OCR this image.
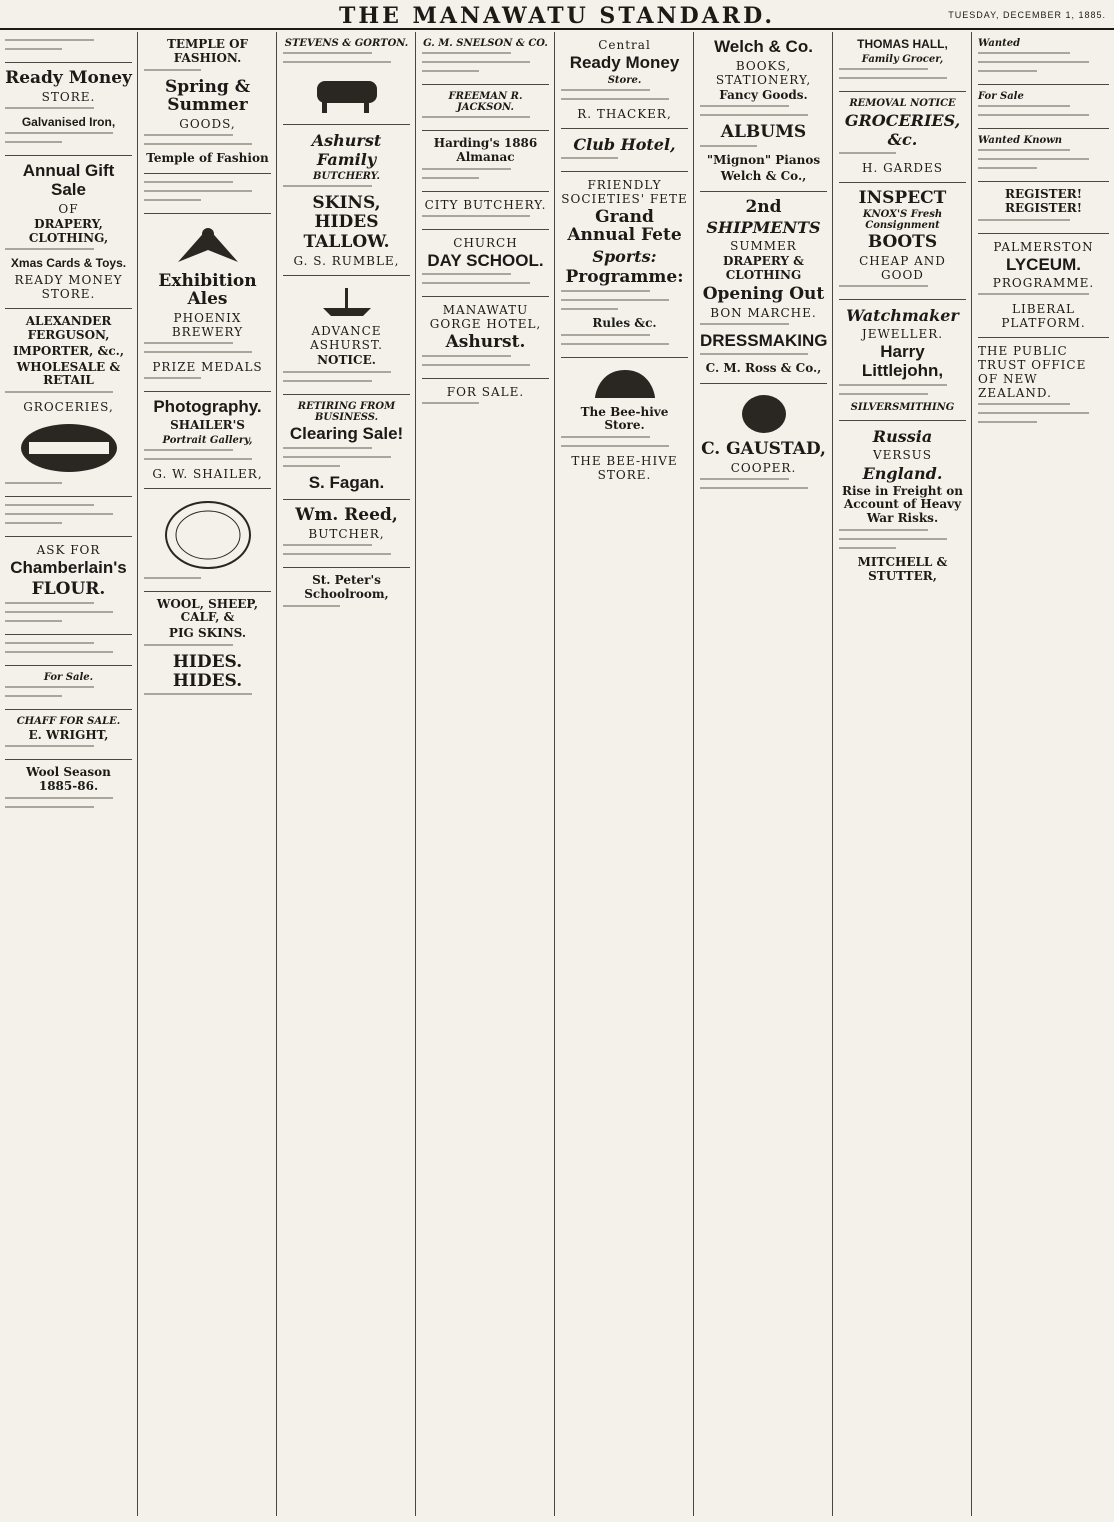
THE MANAWATU STANDARD.	TUESDAY, DECEMBER 1, 1885.
Ready Money
STORE.
Galvanised Iron,
Annual Gift Sale
OF
DRAPERY, CLOTHING,
Xmas Cards & Toys.
READY MONEY STORE.
ALEXANDER FERGUSON,
IMPORTER, &c.,
WHOLESALE & RETAIL
GROCERIES,
ASK FOR
Chamberlain's
FLOUR.
For Sale.
CHAFF FOR SALE.
E. WRIGHT,
Wool Season 1885-86.
TEMPLE OF FASHION.
Spring & Summer
GOODS,
Temple of Fashion
Exhibition Ales
PHOENIX BREWERY
PRIZE MEDALS
Photography.
SHAILER'S
Portrait Gallery,
G. W. SHAILER,
WOOL, SHEEP, CALF, &
PIG SKINS.
HIDES. HIDES.
STEVENS & GORTON.
Ashurst Family
BUTCHERY.
SKINS, HIDES
TALLOW.
G. S. RUMBLE,
ADVANCE ASHURST.
NOTICE.
RETIRING FROM BUSINESS.
Clearing Sale!
S. Fagan.
Wm. Reed,
BUTCHER,
St. Peter's Schoolroom,
G. M. SNELSON & CO.
FREEMAN R. JACKSON.
Harding's 1886 Almanac
CITY BUTCHERY.
CHURCH
DAY SCHOOL.
MANAWATU GORGE HOTEL,
Ashurst.
FOR SALE.
Central
Ready Money
Store.
R. THACKER,
Club Hotel,
FRIENDLY SOCIETIES' FETE
Grand Annual Fete
Sports:
Programme:
Rules &c.
The Bee-hive Store.
THE BEE-HIVE STORE.
Welch & Co.
BOOKS, STATIONERY,
Fancy Goods.
ALBUMS
"Mignon" Pianos
Welch & Co.,
2nd
SHIPMENTS
SUMMER
DRAPERY & CLOTHING
Opening Out
BON MARCHE.
DRESSMAKING
C. M. Ross & Co.,
C. GAUSTAD,
COOPER.
THOMAS HALL,
Family Grocer,
REMOVAL NOTICE
GROCERIES, &c.
H. GARDES
INSPECT
KNOX'S Fresh Consignment
BOOTS
CHEAP AND GOOD
Watchmaker
JEWELLER.
Harry Littlejohn,
SILVERSMITHING
Russia
VERSUS
England.
Rise in Freight on Account of Heavy War Risks.
MITCHELL & STUTTER,
Wanted
For Sale
Wanted Known
REGISTER! REGISTER!
PALMERSTON
LYCEUM.
PROGRAMME.
LIBERAL PLATFORM.
THE PUBLIC TRUST OFFICE OF NEW ZEALAND.
